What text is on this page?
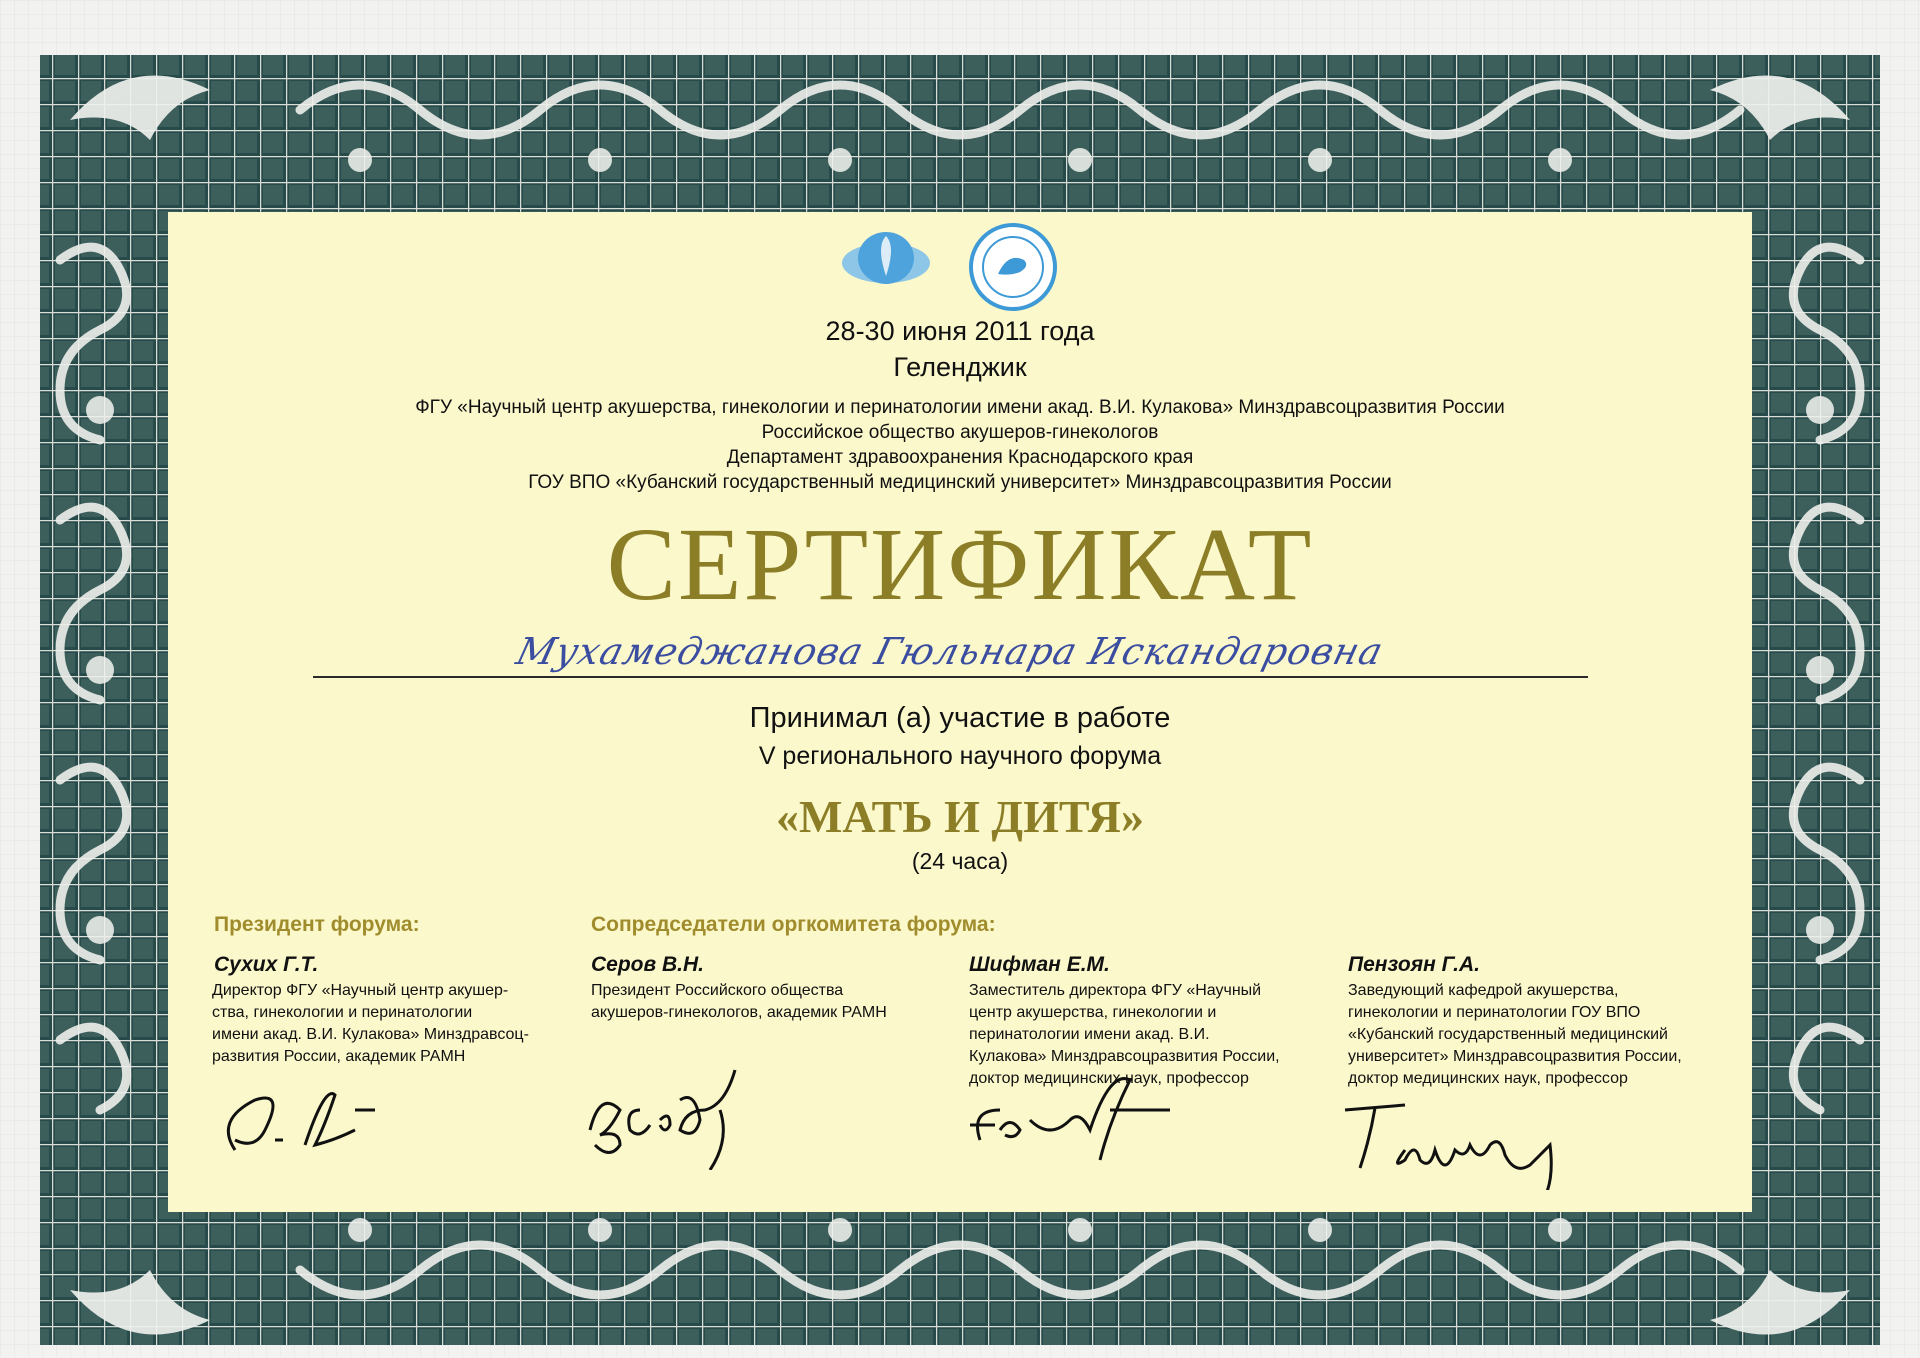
28-30 июня 2011 года
Геленджик
ФГУ «Научный центр акушерства, гинекологии и перинатологии имени акад. В.И. Кулакова» Минздравсоцразвития России
Российское общество акушеров-гинекологов
Департамент здравоохранения Краснодарского края
ГОУ ВПО «Кубанский государственный медицинский университет» Минздравсоцразвития России
СЕРТИФИКАТ
Мухамеджанова Гюльнара Искандаровна
Принимал (а) участие в работе
V регионального научного форума
«МАТЬ И ДИТЯ»
(24 часа)
Президент форума:	Сопредседатели оргкомитета форума:
Сухих Г.Т.
Директор ФГУ «Научный центр акушер-
ства, гинекологии и перинатологии
имени акад. В.И. Кулакова» Минздравсоц-
развития России, академик РАМН
Серов В.Н.
Президент Российского общества
акушеров-гинекологов, академик РАМН
Шифман Е.М.
Заместитель директора ФГУ «Научный
центр акушерства, гинекологии и
перинатологии имени акад. В.И.
Кулакова» Минздравсоцразвития России,
доктор медицинских наук, профессор
Пензоян Г.А.
Заведующий кафедрой акушерства,
гинекологии и перинатологии ГОУ ВПО
«Кубанский государственный медицинский
университет» Минздравсоцразвития России,
доктор медицинских наук, профессор
